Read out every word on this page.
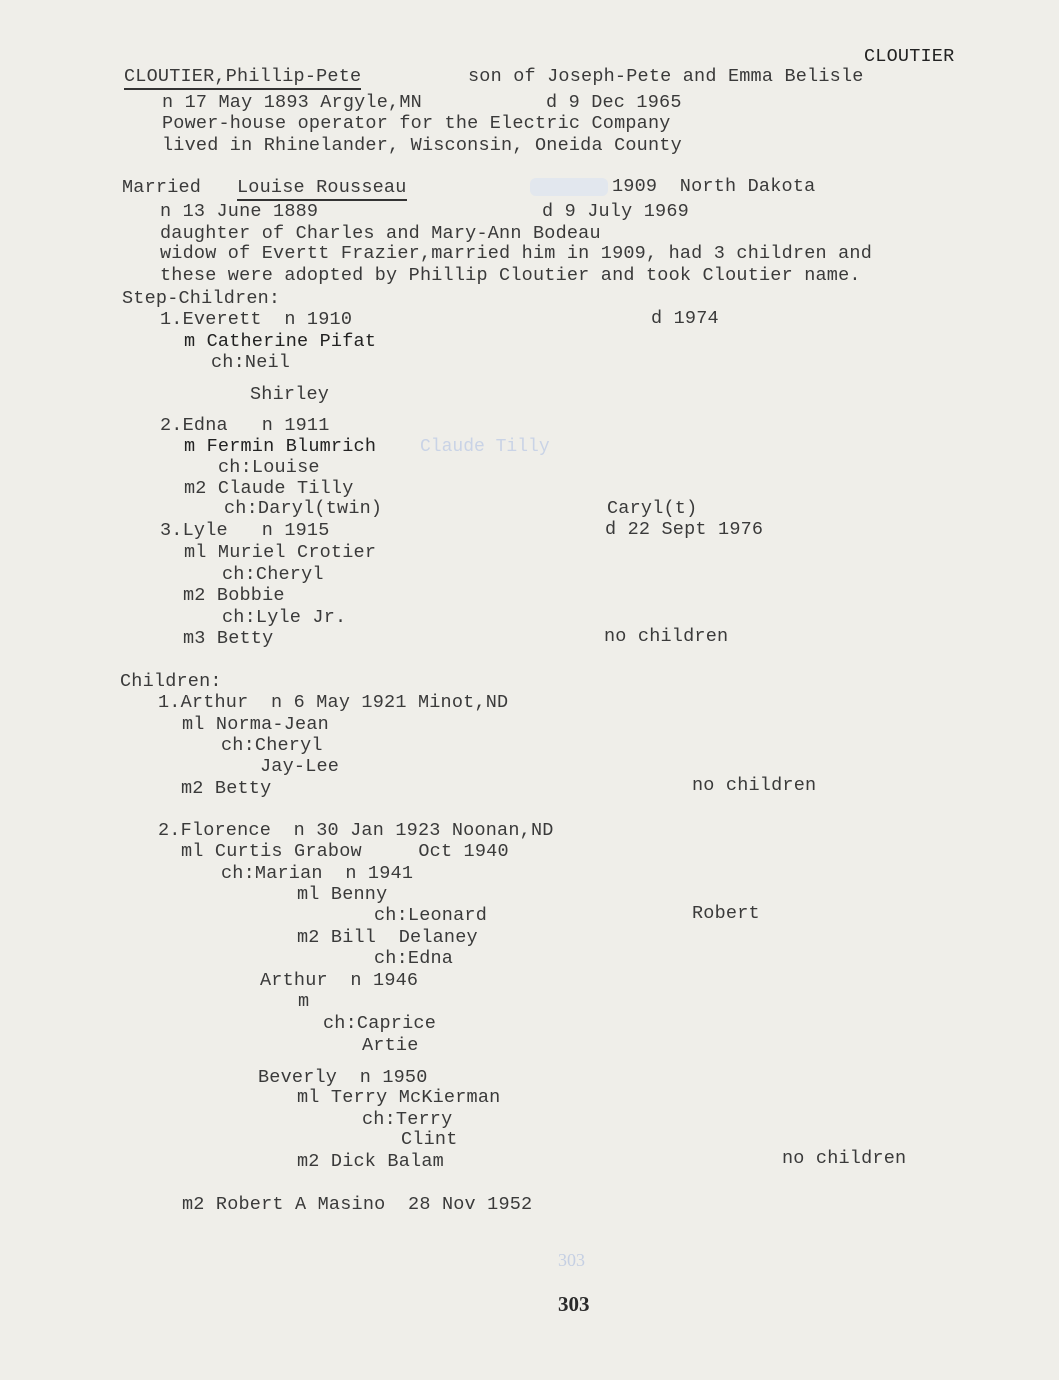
CLOUTIER
CLOUTIER,Phillip-Pete	son of Joseph-Pete and Emma Belisle
n 17 May 1893 Argyle,MN	d 9 Dec 1965
Power-house operator for the Electric Company
lived in Rhinelander, Wisconsin, Oneida County
Married Louise Rousseau	1909  North Dakota
n 13 June 1889	d 9 July 1969
daughter of Charles and Mary-Ann Bodeau
widow of Evertt Frazier,married him in 1909, had 3 children and
these were adopted by Phillip Cloutier and took Cloutier name.
Step-Children:
1.Everett  n 1910	d 1974
m Catherine Pifat
ch:Neil
Shirley
2.Edna   n 1911
Claude Tilly
m Fermin Blumrich
ch:Louise
m2 Claude Tilly
ch:Daryl(twin)	Caryl(t)
3.Lyle   n 1915	d 22 Sept 1976
ml Muriel Crotier
ch:Cheryl
m2 Bobbie
ch:Lyle Jr.
m3 Betty	no children
Children:
1.Arthur  n 6 May 1921 Minot,ND
ml Norma-Jean
ch:Cheryl
Jay-Lee
m2 Betty	no children
2.Florence  n 30 Jan 1923 Noonan,ND
ml Curtis Grabow     Oct 1940
ch:Marian  n 1941
ml Benny
ch:Leonard	Robert
m2 Bill  Delaney
ch:Edna
Arthur  n 1946
m
ch:Caprice
Artie
Beverly  n 1950
ml Terry McKierman
ch:Terry
Clint
m2 Dick Balam	no children
m2 Robert A Masino  28 Nov 1952
303
303
